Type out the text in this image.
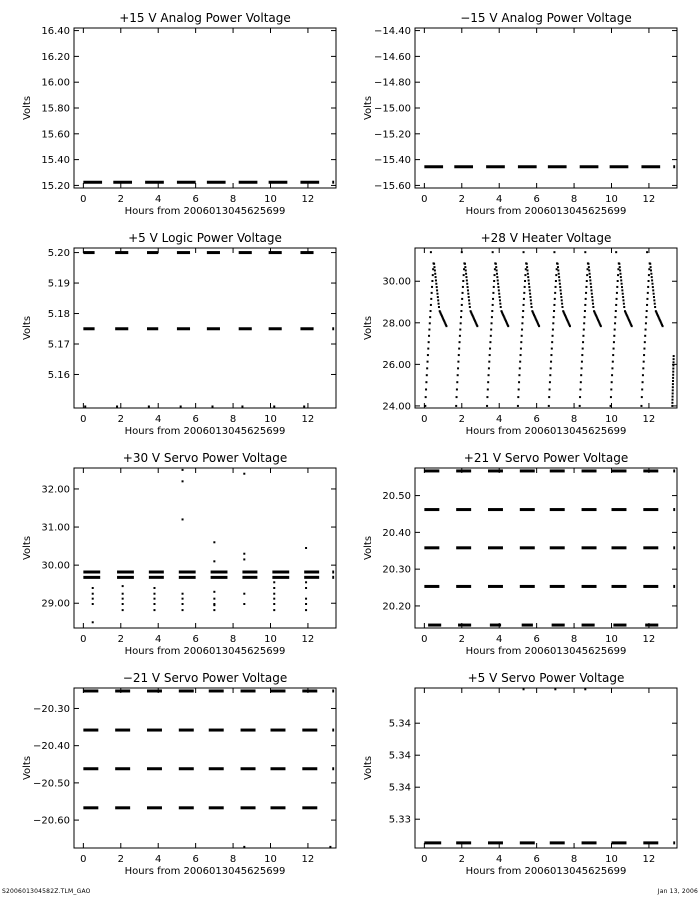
+15 V Analog Power Voltage
0	2	4	6	8	10 12
Hours from 2006013045625699
15.20
15.40
15.60
15.80
16.00
16.20
16.40
Volts
−15 V Analog Power Voltage
0	2	4	6	8	10 12
Hours from 2006013045625699
−15.60
−15.40
−15.20
−15.00
−14.80
−14.60
−14.40
Volts
+5 V Logic Power Voltage
0	2	4	6	8	10 12
Hours from 2006013045625699
5.16
5.17
5.18
5.19
5.20
Volts
+28 V Heater Voltage
0	2	4	6	8	10 12
Hours from 2006013045625699
24.00
26.00
28.00
30.00
Volts
+30 V Servo Power Voltage
0	2	4	6	8	10 12
Hours from 2006013045625699
29.00
30.00
31.00
32.00
Volts
+21 V Servo Power Voltage
0	2	4	6	8	10 12
Hours from 2006013045625699
20.20
20.30
20.40
20.50
Volts
−21 V Servo Power Voltage
0	2	4	6	8	10 12
Hours from 2006013045625699
−20.60
−20.50
−20.40
−20.30
Volts
+5 V Servo Power Voltage
0	2	4	6	8	10 12
Hours from 2006013045625699
5.33
5.34
5.34
5.34
Volts
S200601304582Z.TLM_GAO	Jan 13, 2006
